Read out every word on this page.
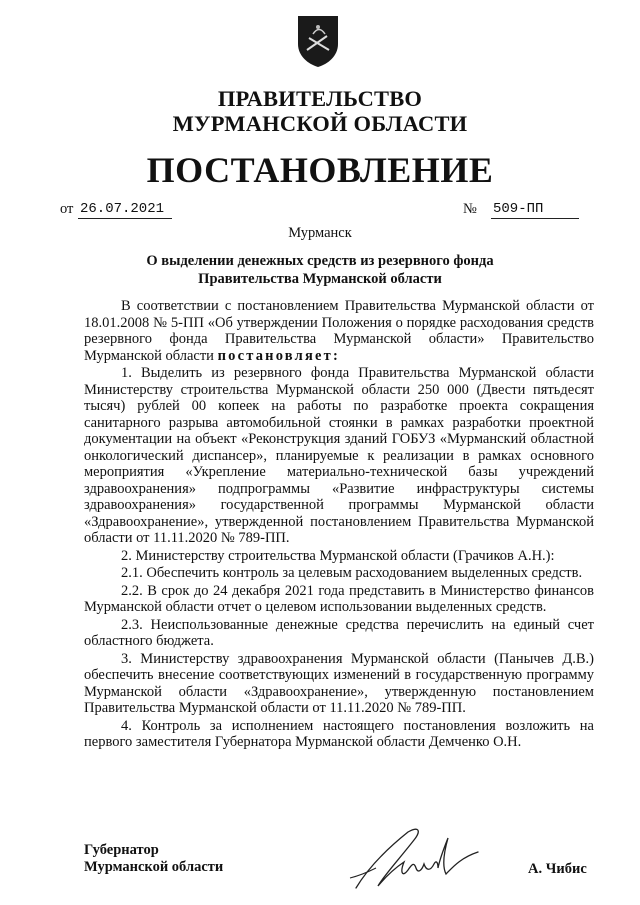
ПРАВИТЕЛЬСТВО
МУРМАНСКОЙ ОБЛАСТИ
ПОСТАНОВЛЕНИЕ
от 26.07.2021	№ 509-ПП
Мурманск
О выделении денежных средств из резервного фонда
Правительства Мурманской области

В соответствии с постановлением Правительства Мурманской области от 18.01.2008 № 5-ПП «Об утверждении Положения о порядке расходования средств резервного фонда Правительства Мурманской области» Правительство Мурманской области постановляет:

1. Выделить из резервного фонда Правительства Мурманской области Министерству строительства Мурманской области 250 000 (Двести пятьдесят тысяч) рублей 00 копеек на работы по разработке проекта сокращения санитарного разрыва автомобильной стоянки в рамках разработки проектной документации на объект «Реконструкция зданий ГОБУЗ «Мурманский областной онкологический диспансер», планируемые к реализации в рамках основного мероприятия «Укрепление материально-технической базы учреждений здравоохранения» подпрограммы «Развитие инфраструктуры системы здравоохранения» государственной программы Мурманской области «Здравоохранение», утвержденной постановлением Правительства Мурманской области от 11.11.2020 № 789-ПП.

2. Министерству строительства Мурманской области (Грачиков А.Н.):

2.1. Обеспечить контроль за целевым расходованием выделенных средств.

2.2. В срок до 24 декабря 2021 года представить в Министерство финансов Мурманской области отчет о целевом использовании выделенных средств.

2.3. Неиспользованные денежные средства перечислить на единый счет областного бюджета.

3. Министерству здравоохранения Мурманской области (Панычев Д.В.) обеспечить внесение соответствующих изменений в государственную программу Мурманской области «Здравоохранение», утвержденную постановлением Правительства Мурманской области от 11.11.2020 № 789-ПП.

4. Контроль за исполнением настоящего постановления возложить на первого заместителя Губернатора Мурманской области Демченко О.Н.

Губернатор
Мурманской области	А. Чибис
